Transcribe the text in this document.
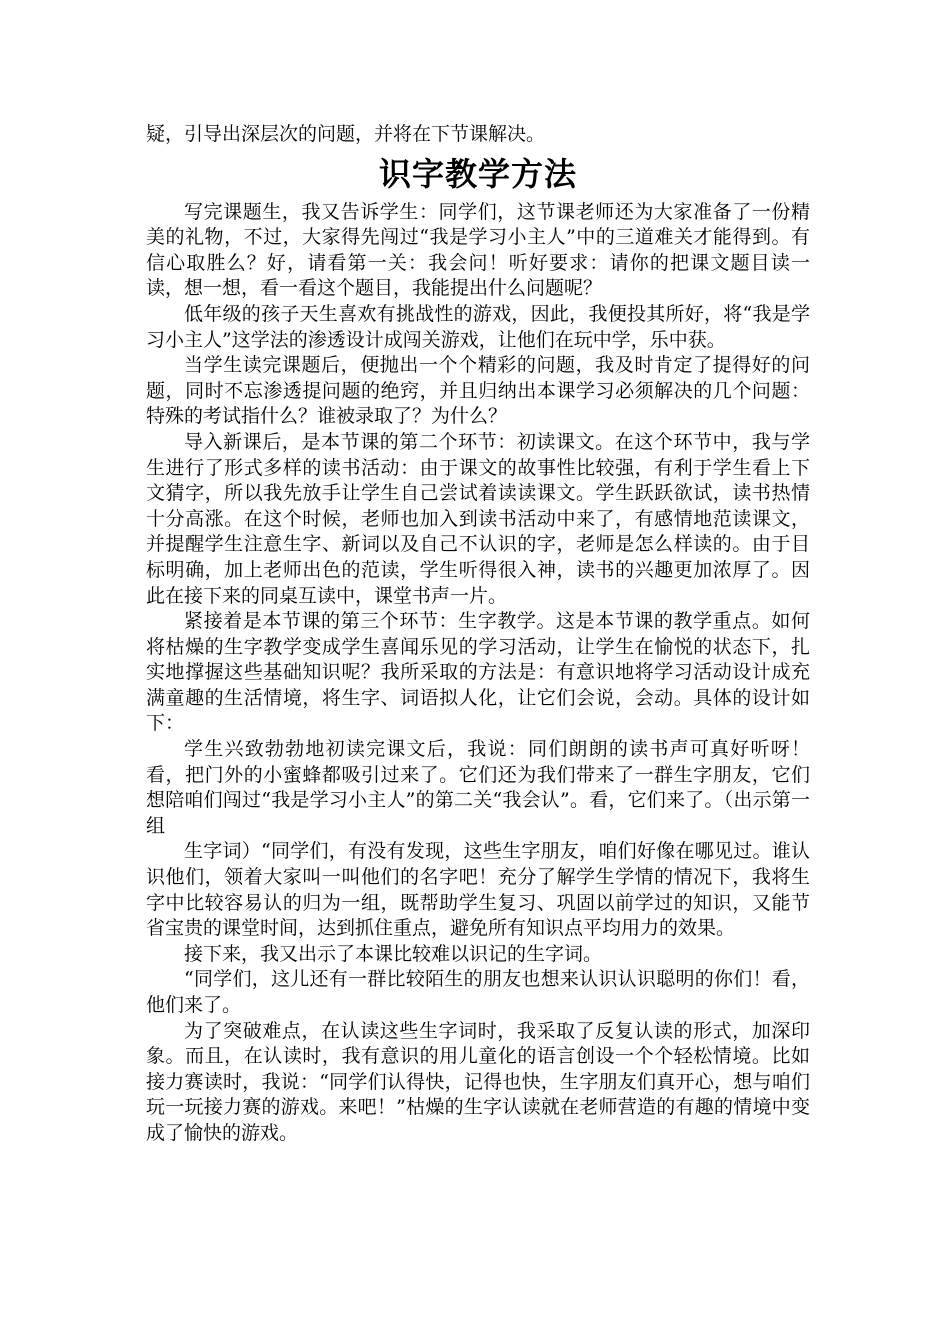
疑，引导出深层次的问题，并将在下节课解决。

识字教学方法

写完课题生，我又告诉学生：同学们，这节课老师还为大家准备了一份精美的礼物，不过，大家得先闯过“我是学习小主人”中的三道难关才能得到。有信心取胜么？好，请看第一关：我会问！听好要求：请你的把课文题目读一读，想一想，看一看这个题目，我能提出什么问题呢？

低年级的孩子天生喜欢有挑战性的游戏，因此，我便投其所好，将“我是学习小主人”这学法的渗透设计成闯关游戏，让他们在玩中学，乐中获。

当学生读完课题后，便抛出一个个精彩的问题，我及时肯定了提得好的问题，同时不忘渗透提问题的绝窍，并且归纳出本课学习必须解决的几个问题：特殊的考试指什么？谁被录取了？为什么？

导入新课后，是本节课的第二个环节：初读课文。在这个环节中，我与学生进行了形式多样的读书活动：由于课文的故事性比较强，有利于学生看上下文猜字，所以我先放手让学生自己尝试着读读课文。学生跃跃欲试，读书热情十分高涨。在这个时候，老师也加入到读书活动中来了，有感情地范读课文，并提醒学生注意生字、新词以及自己不认识的字，老师是怎么样读的。由于目标明确，加上老师出色的范读，学生听得很入神，读书的兴趣更加浓厚了。因此在接下来的同桌互读中，课堂书声一片。

紧接着是本节课的第三个环节：生字教学。这是本节课的教学重点。如何将枯燥的生字教学变成学生喜闻乐见的学习活动，让学生在愉悦的状态下，扎实地撑握这些基础知识呢？我所采取的方法是：有意识地将学习活动设计成充满童趣的生活情境，将生字、词语拟人化，让它们会说，会动。具体的设计如下：

学生兴致勃勃地初读完课文后，我说：同们朗朗的读书声可真好听呀！看，把门外的小蜜蜂都吸引过来了。它们还为我们带来了一群生字朋友，它们想陪咱们闯过“我是学习小主人”的第二关“我会认”。看，它们来了。（出示第一组

生字词）“同学们，有没有发现，这些生字朋友，咱们好像在哪见过。谁认识他们，领着大家叫一叫他们的名字吧！充分了解学生学情的情况下，我将生字中比较容易认的归为一组，既帮助学生复习、巩固以前学过的知识，又能节省宝贵的课堂时间，达到抓住重点，避免所有知识点平均用力的效果。

接下来，我又出示了本课比较难以识记的生字词。

“同学们，这儿还有一群比较陌生的朋友也想来认识认识聪明的你们！看，他们来了。

为了突破难点，在认读这些生字词时，我采取了反复认读的形式，加深印象。而且，在认读时，我有意识的用儿童化的语言创设一个个轻松情境。比如接力赛读时，我说：“同学们认得快，记得也快，生字朋友们真开心，想与咱们玩一玩接力赛的游戏。来吧！”枯燥的生字认读就在老师营造的有趣的情境中变成了愉快的游戏。
